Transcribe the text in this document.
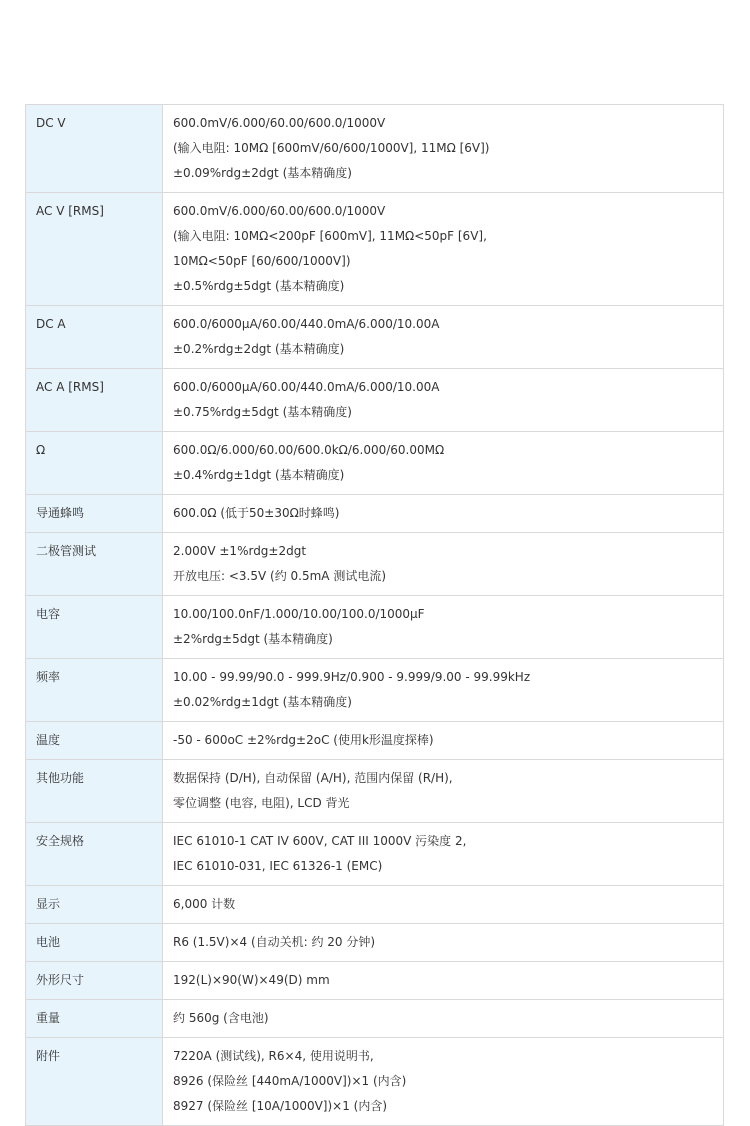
DC V	600.0mV/6.000/60.00/600.0/1000V
(输入电阻: 10MΩ [600mV/60/600/1000V], 11MΩ [6V])
±0.09%rdg±2dgt (基本精确度)

AC V [RMS]	600.0mV/6.000/60.00/600.0/1000V
(输入电阻: 10MΩ<200pF [600mV], 11MΩ<50pF [6V],
10MΩ<50pF [60/600/1000V])
±0.5%rdg±5dgt (基本精确度)

DC A	600.0/6000μA/60.00/440.0mA/6.000/10.00A
±0.2%rdg±2dgt (基本精确度)

AC A [RMS]	600.0/6000μA/60.00/440.0mA/6.000/10.00A
±0.75%rdg±5dgt (基本精确度)

Ω	600.0Ω/6.000/60.00/600.0kΩ/6.000/60.00MΩ
±0.4%rdg±1dgt (基本精确度)

导通蜂鸣	600.0Ω (低于50±30Ω时蜂鸣)

二极管测试	2.000V ±1%rdg±2dgt
开放电压: <3.5V (约 0.5mA 测试电流)

电容	10.00/100.0nF/1.000/10.00/100.0/1000μF
±2%rdg±5dgt (基本精确度)

频率	10.00 - 99.99/90.0 - 999.9Hz/0.900 - 9.999/9.00 - 99.99kHz
±0.02%rdg±1dgt (基本精确度)

温度	-50 - 600oC ±2%rdg±2oC (使用k形温度探棒)

其他功能	数据保持 (D/H), 自动保留 (A/H), 范围内保留 (R/H),
零位调整 (电容, 电阻), LCD 背光

安全规格	IEC 61010-1 CAT IV 600V, CAT III 1000V 污染度 2,
IEC 61010-031, IEC 61326-1 (EMC)

显示	6,000 计数

电池	R6 (1.5V)×4 (自动关机: 约 20 分钟)

外形尺寸	192(L)×90(W)×49(D) mm

重量	约 560g (含电池)

附件	7220A (测试线), R6×4, 使用说明书,
8926 (保险丝 [440mA/1000V])×1 (内含)
8927 (保险丝 [10A/1000V])×1 (内含)
